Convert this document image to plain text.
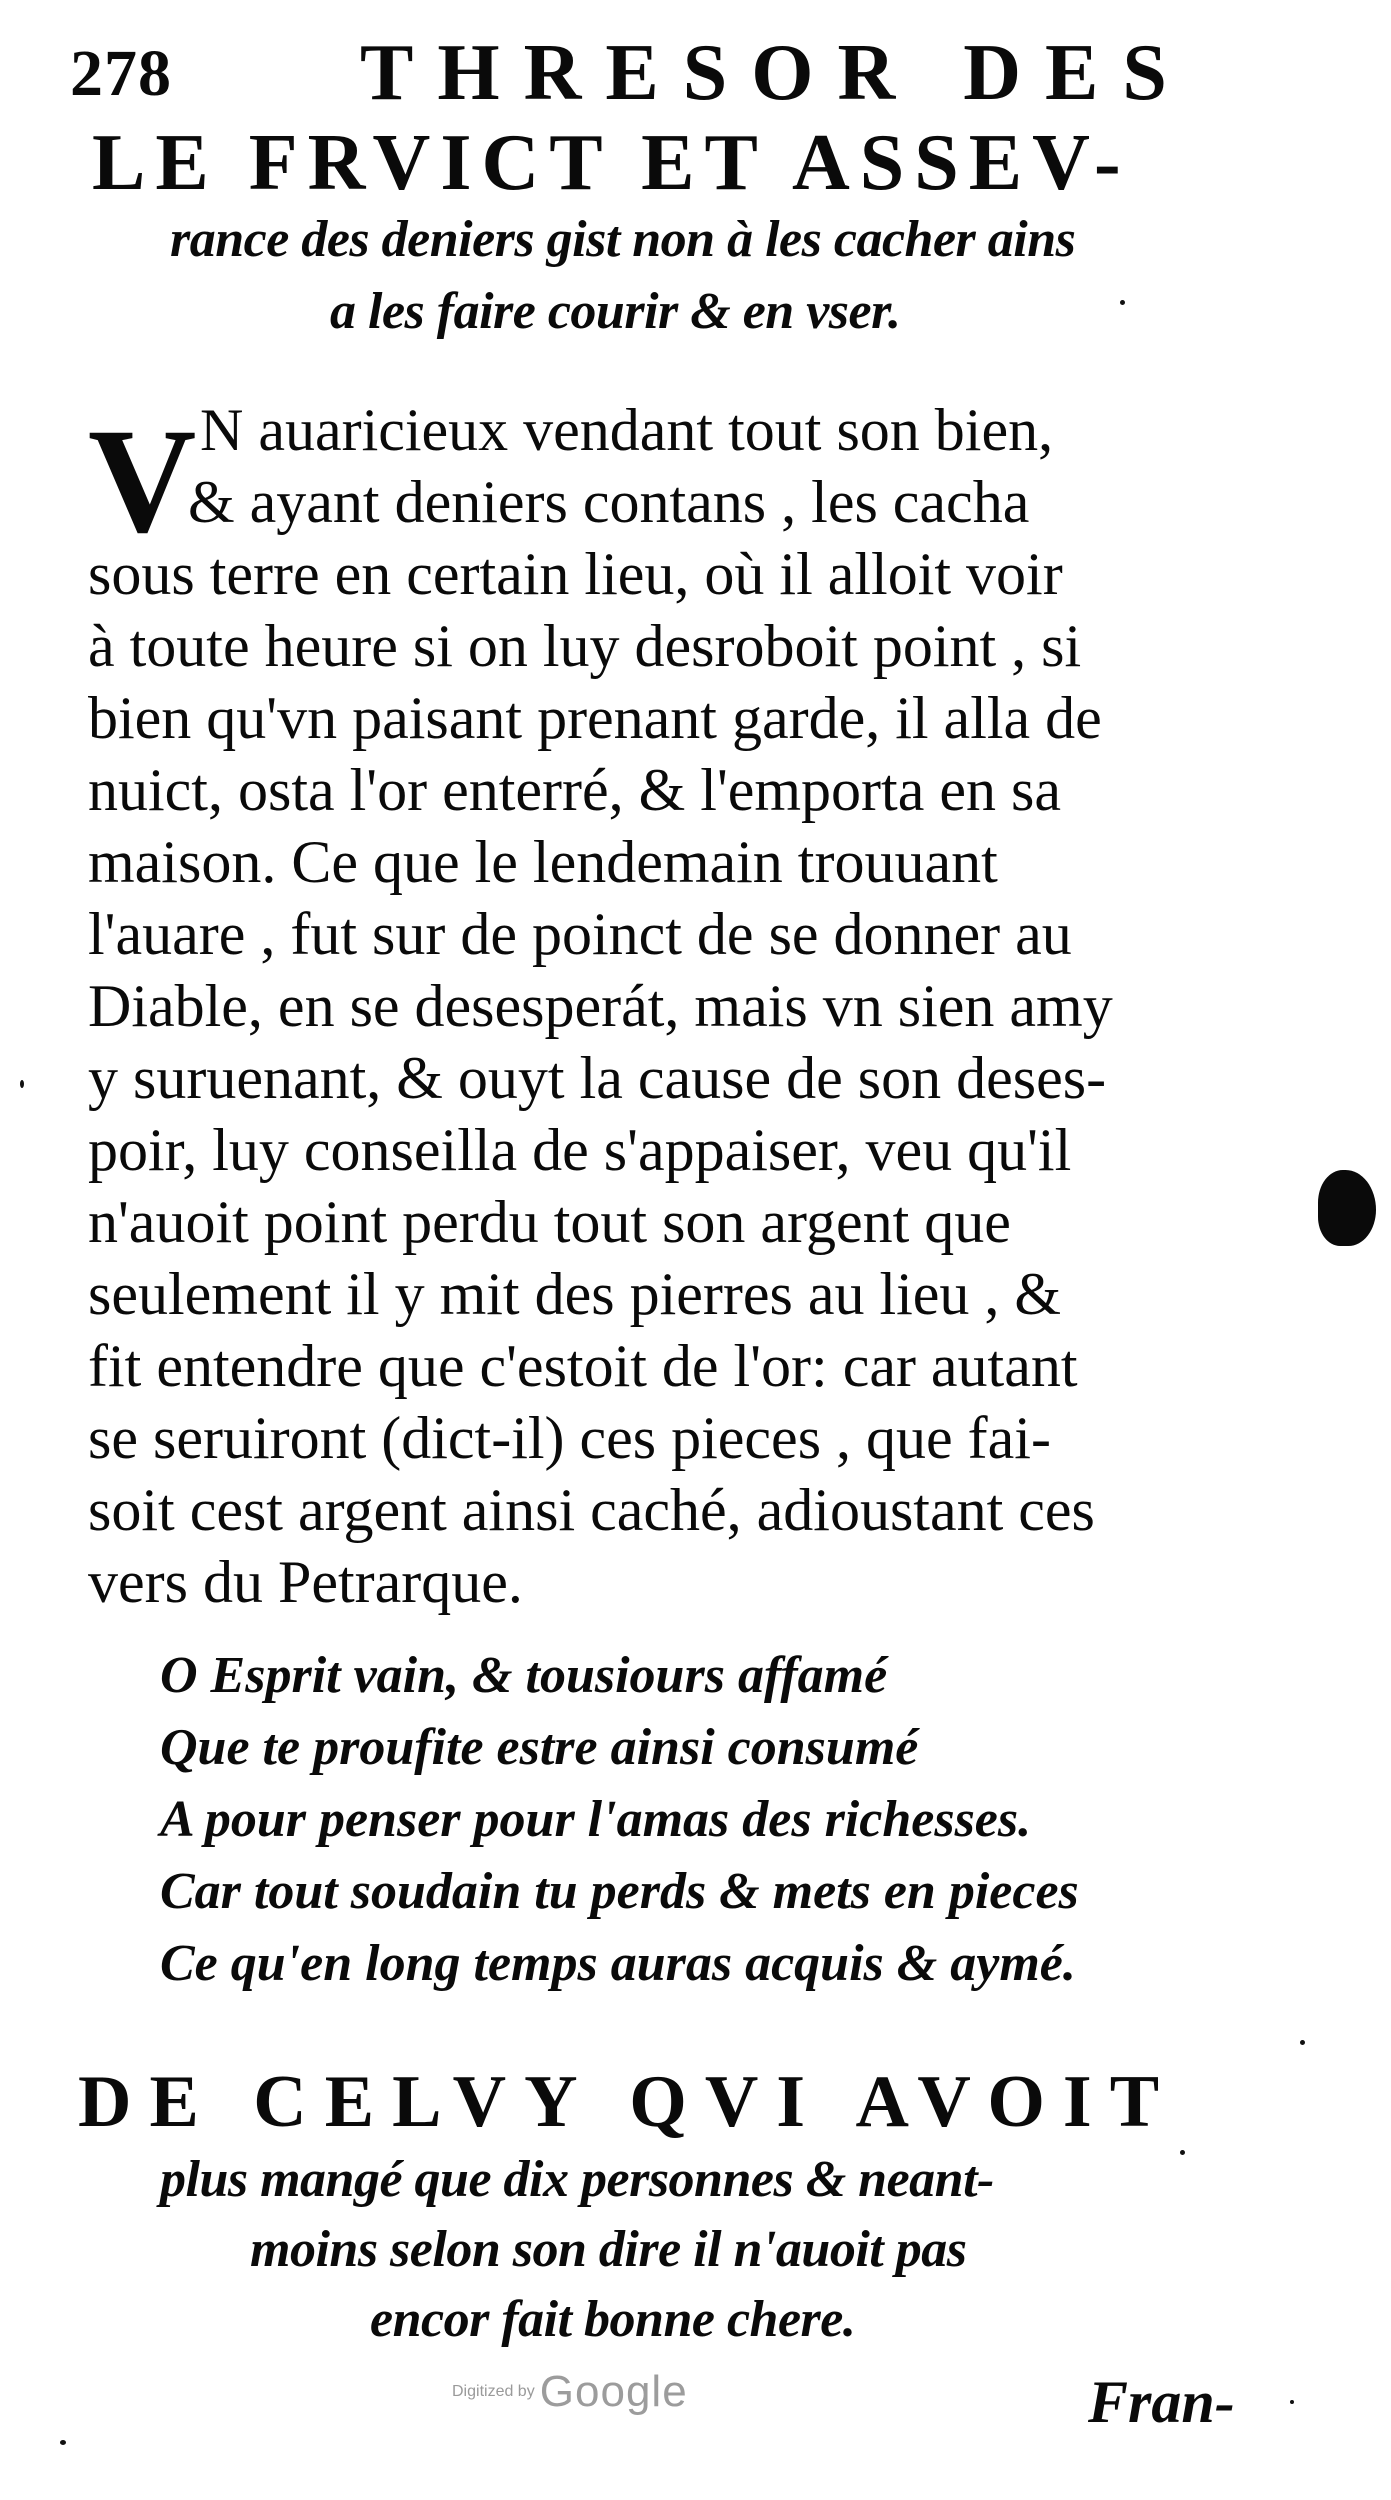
278 THRESOR DES
LE FRVICT ET ASSEV-
rance des deniers gist non à les cacher ains
a les faire courir & en vser.
V N auaricieux vendant tout son bien,
& ayant deniers contans , les cacha
sous terre en certain lieu, où il alloit voir
à toute heure si on luy desroboit point , si
bien qu'vn paisant prenant garde, il alla de
nuict, osta l'or enterré, & l'emporta en sa
maison. Ce que le lendemain trouuant
l'auare , fut sur de poinct de se donner au
Diable, en se desesperát, mais vn sien amy
y suruenant, & ouyt la cause de son deses-
poir, luy conseilla de s'appaiser, veu qu'il
n'auoit point perdu tout son argent que
seulement il y mit des pierres au lieu , &
fit entendre que c'estoit de l'or: car autant
se seruiront (dict-il) ces pieces , que fai-
soit cest argent ainsi caché, adioustant ces
vers du Petrarque.
O Esprit vain, & tousiours affamé
Que te proufite estre ainsi consumé
A pour penser pour l'amas des richesses.
Car tout soudain tu perds & mets en pieces
Ce qu'en long temps auras acquis & aymé.
DE CELVY QVI AVOIT
plus mangé que dix personnes & neant-
moins selon son dire il n'auoit pas
encor fait bonne chere.
Digitized by Google	Fran-
